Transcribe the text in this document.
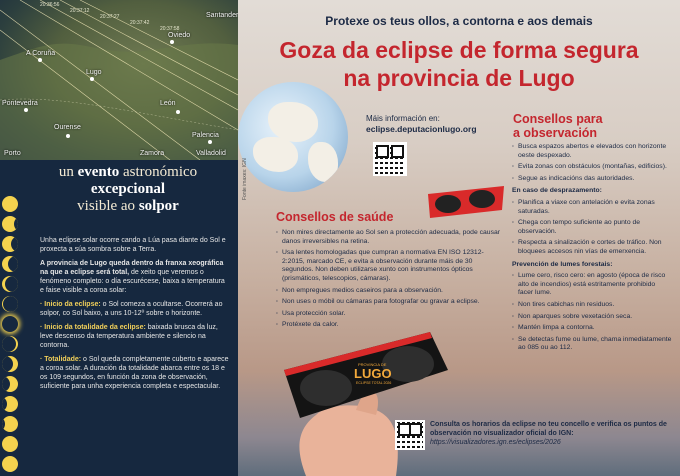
20:36:56
20:37:12
20:37:27
20:37:42
20:37:58
A Coruña
Lugo
Oviedo
León
Pontevedra
Ourense
Valladolid
Palencia
Zamora
Santander
Porto
un evento astronómico
excepcional
visible ao solpor

Unha eclipse solar ocorre cando a Lúa pasa diante do Sol e proxecta a súa sombra sobre a Terra.

A provincia de Lugo queda dentro da franxa xeográfica na que a eclipse será total, de xeito que veremos o fenómeno completo: o día escurécese, baixa a temperatura e faise visible a coroa solar:

· Inicio da eclipse: o Sol comeza a ocultarse. Ocorrerá ao solpor, co Sol baixo, a uns 10-12º sobre o horizonte.

· Inicio da totalidade da eclipse: baixada brusca da luz, leve descenso da temperatura ambiente e silencio na contorna.

· Totalidade: o Sol queda completamente cuberto e aparece a coroa solar. A duración da totalidade abarca entre os 18 e os 109 segundos, en función da zona de observación, suficiente para unha experiencia completa e espectacular.

Protexe os teus ollos, a contorna e aos demais
Goza da eclipse de forma segura
na provincia de Lugo
Fonte imaxes: IGN
Máis información en:
eclipse.deputacionlugo.org
Consellos de saúde
· Non mires directamente ao Sol sen a protección adecuada, pode causar danos irreversibles na retina.
· Usa lentes homologadas que cumpran a normativa EN ISO 12312-2:2015, marcado CE, e evita a observación durante máis de 30 segundos. Non deben utilizarse xunto con instrumentos ópticos (prismáticos, telescopios, cámaras).
· Non empregues medios caseiros para a observación.
· Non uses o móbil ou cámaras para fotografar ou gravar a eclipse.
· Usa protección solar.
· Protéxete da calor.
Consellos para
a observación
· Busca espazos abertos e elevados con horizonte oeste despexado.
· Evita zonas con obstáculos (montañas, edificios).
· Segue as indicacións das autoridades.
En caso de desprazamento:
· Planifica a viaxe con antelación e evita zonas saturadas.
· Chega con tempo suficiente ao punto de observación.
· Respecta a sinalización e cortes de tráfico. Non bloquees accesos nin vías de emerxencia.
Prevención de lumes forestais:
· Lume cero, risco cero: en agosto (época de risco alto de incendios) está estritamente prohibido facer lume.
· Non tires cabichas nin residuos.
· Non aparques sobre vexetación seca.
· Mantén limpa a contorna.
· Se detectas fume ou lume, chama inmediatamente ao 085 ou ao 112.
PROVINCIA DE
LUGO
ECLIPSE TOTAL 2026
Consulta os horarios da eclipse no teu concello e verifica os puntos de observación no visualizador oficial do IGN:
https://visualizadores.ign.es/eclipses/2026
